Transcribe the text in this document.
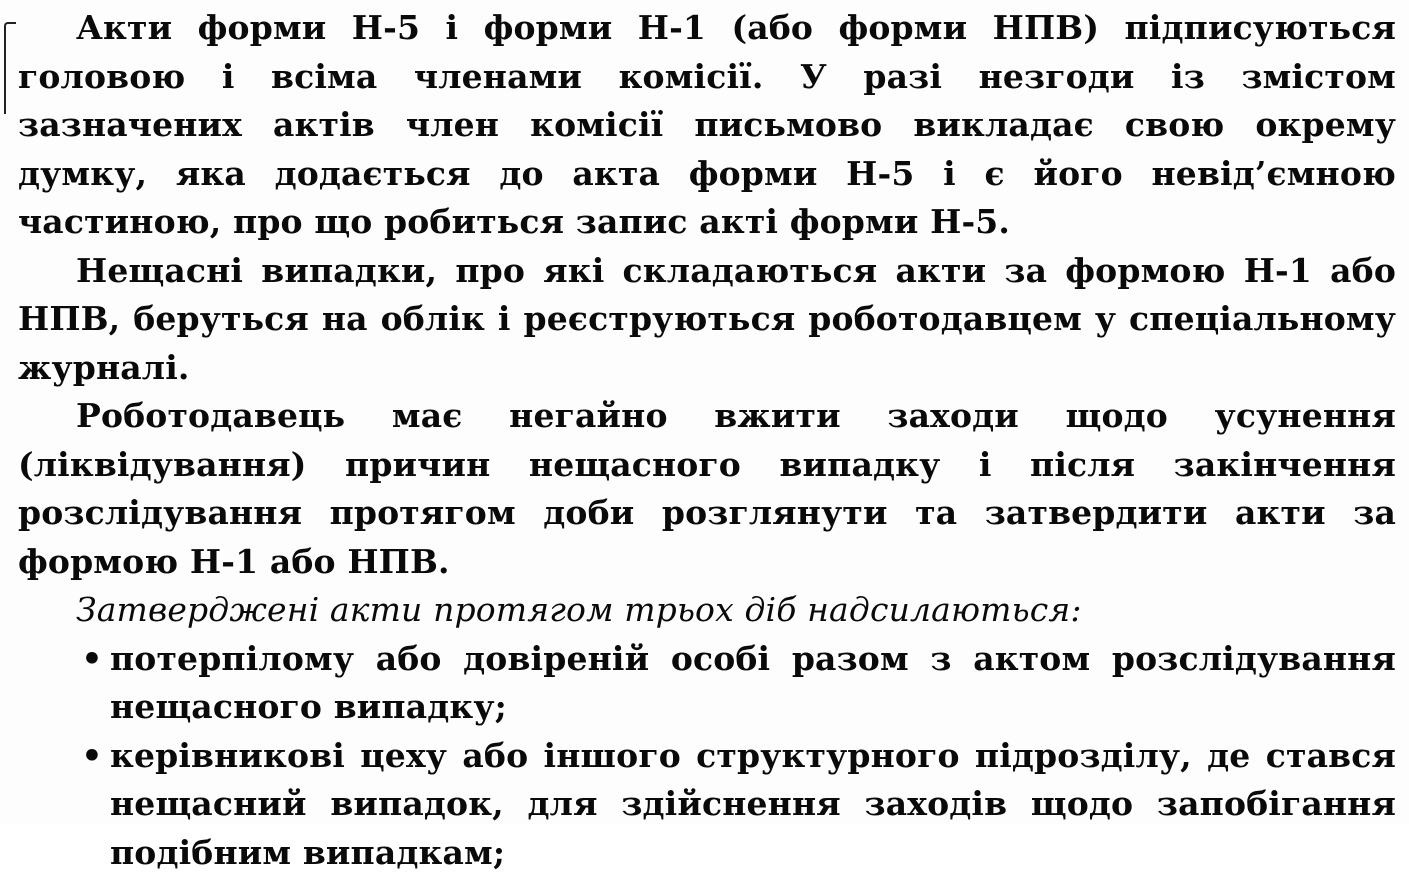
Акти форми Н-5 і форми Н-1 (або форми НПВ) підписуються головою і всіма членами комісії. У разі незгоди із змістом зазначених актів член комісії письмово викладає свою окрему думку, яка додається до акта форми Н-5 і є його невід’ємною частиною, про що робиться запис акті форми Н-5.

Нещасні випадки, про які складаються акти за формою Н-1 або НПВ, беруться на облік і реєструються роботодавцем у спеціальному журналі.

Роботодавець має негайно вжити заходи щодо усунення (ліквідування) причин нещасного випадку і після закінчення розслідування протягом доби розглянути та затвердити акти за формою Н-1 або НПВ.

Затверджені акти протягом трьох діб надсилаються:

• потерпілому або довіреній особі разом з актом розслідування нещасного випадку;
• керівникові цеху або іншого структурного підрозділу, де стався нещасний випадок, для здійснення заходів щодо запобігання подібним випадкам;
